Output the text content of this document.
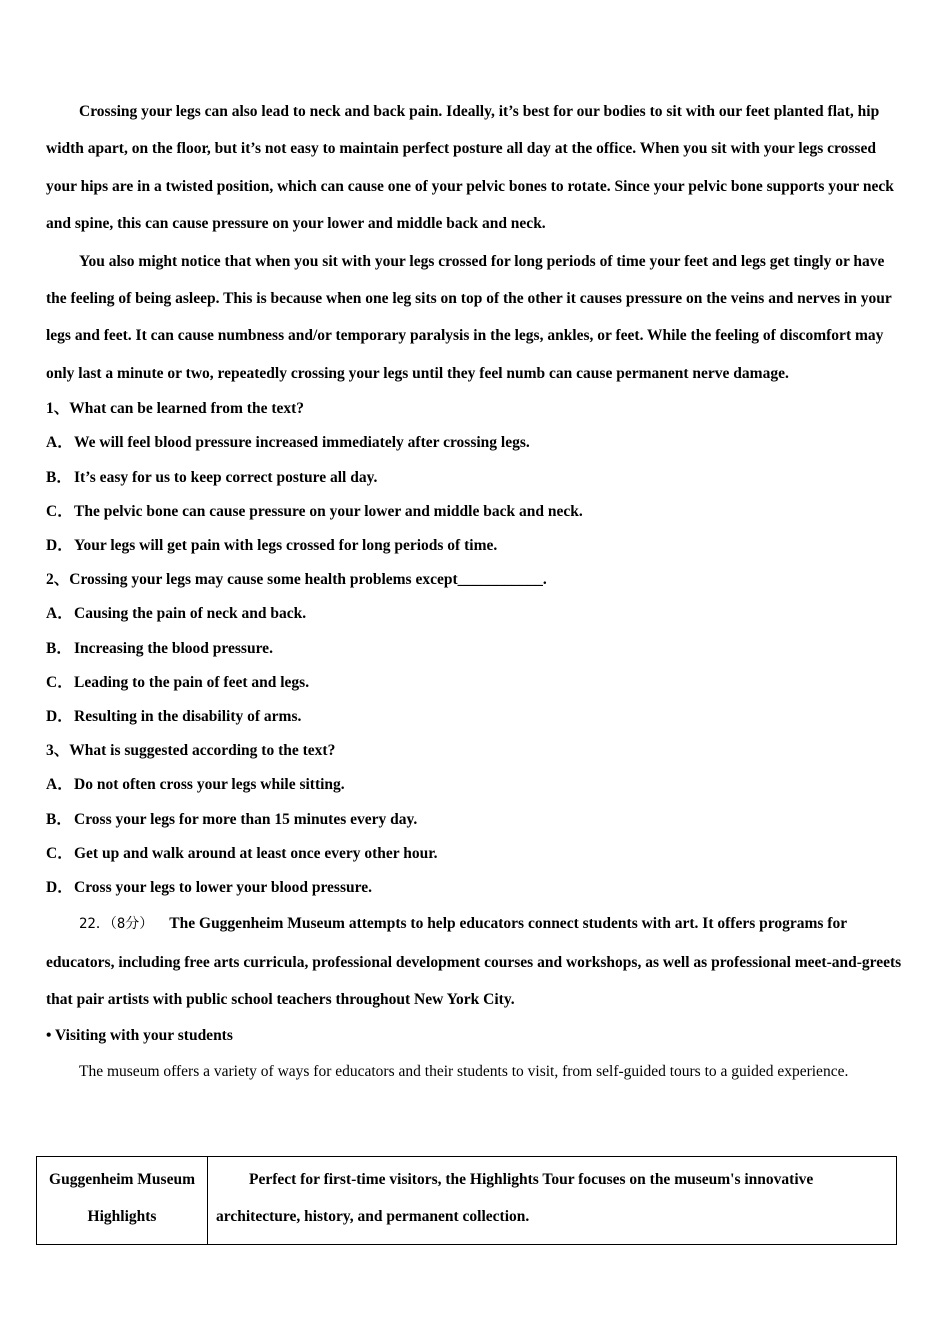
Crossing your legs can also lead to neck and back pain. Ideally, it’s best for our bodies to sit with our feet planted flat, hip width apart, on the floor, but it’s not easy to maintain perfect posture all day at the office. When you sit with your legs crossed your hips are in a twisted position, which can cause one of your pelvic bones to rotate. Since your pelvic bone supports your neck and spine, this can cause pressure on your lower and middle back and neck.

You also might notice that when you sit with your legs crossed for long periods of time your feet and legs get tingly or have the feeling of being asleep. This is because when one leg sits on top of the other it causes pressure on the veins and nerves in your legs and feet. It can cause numbness and/or temporary paralysis in the legs, ankles, or feet. While the feeling of discomfort may only last a minute or two, repeatedly crossing your legs until they feel numb can cause permanent nerve damage.

1、What can be learned from the text?

A．We will feel blood pressure increased immediately after crossing legs.

B． It’s easy for us to keep correct posture all day.

C．The pelvic bone can cause pressure on your lower and middle back and neck.

D．Your legs will get pain with legs crossed for long periods of time.

2、Crossing your legs may cause some health problems except___________.

A．Causing the pain of neck and back.

B． Increasing the blood pressure.

C．Leading to the pain of feet and legs.

D．Resulting in the disability of arms.

3、What is suggested according to the text?

A．Do not often cross your legs while sitting.

B． Cross your legs for more than 15 minutes every day.

C．Get up and walk around at least once every other hour.

D．Cross your legs to lower your blood pressure.

22．（8分） The Guggenheim Museum attempts to help educators connect students with art. It offers programs for educators, including free arts curricula, professional development courses and workshops, as well as professional meet-and-greets that pair artists with public school teachers throughout New York City.

• Visiting with your students

The museum offers a variety of ways for educators and their students to visit, from self-guided tours to a guided experience.

Guggenheim Museum Highlights	Perfect for first-time visitors, the Highlights Tour focuses on the museum's innovative architecture, history, and permanent collection.
